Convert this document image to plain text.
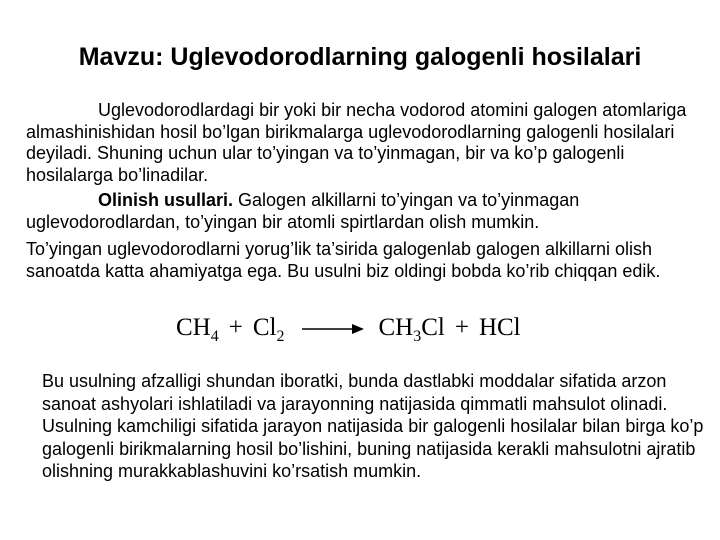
Mavzu: Uglevodorodlarning galogenli hosilalari

Uglevodorodlardagi bir yoki bir necha vodorod atomini galogen atomlariga almashinishidan hosil bo’lgan birikmalarga uglevodorodlarning galogenli hosilalari deyiladi. Shuning uchun ular to’yingan va to’yinmagan, bir va ko’p galogenli hosilalarga bo’linadilar.

Olinish usullari. Galogen alkillarni to’yingan va to’yinmagan uglevodorodlardan, to’yingan bir atomli spirtlardan olish mumkin.

To’yingan uglevodorodlarni yorug’lik ta’sirida galogenlab galogen alkillarni olish sanoatda katta ahamiyatga ega. Bu usulni biz oldingi bobda ko’rib chiqqan edik.

$CH_4 + Cl_2 \to CH_3Cl$ + HCl

Bu usulning afzalligi shundan iboratki, bunda dastlabki moddalar sifatida arzon sanoat ashyolari ishlatiladi va jarayonning natijasida qimmatli mahsulot olinadi. Usulning kamchiligi sifatida jarayon natijasida bir galogenli hosilalar bilan birga ko’p galogenli birikmalarning hosil bo’lishini, buning natijasida kerakli mahsulotni ajratib olishning murakkablashuvini ko’rsatish mumkin.
